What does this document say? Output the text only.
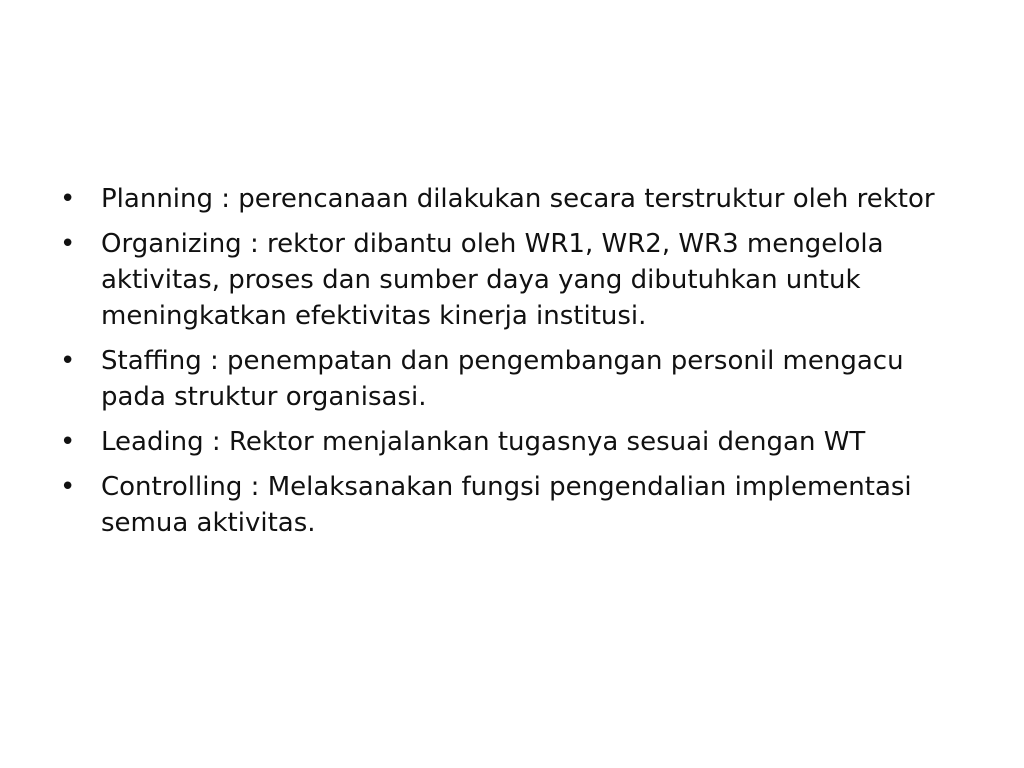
• Planning : perencanaan dilakukan secara terstruktur oleh rektor
• Organizing : rektor dibantu oleh WR1, WR2, WR3 mengelola aktivitas, proses dan sumber daya yang dibutuhkan untuk meningkatkan efektivitas kinerja institusi.
• Staffing : penempatan dan pengembangan personil mengacu pada struktur organisasi.
• Leading : Rektor menjalankan tugasnya sesuai dengan WT
• Controlling : Melaksanakan fungsi pengendalian implementasi semua aktivitas.
